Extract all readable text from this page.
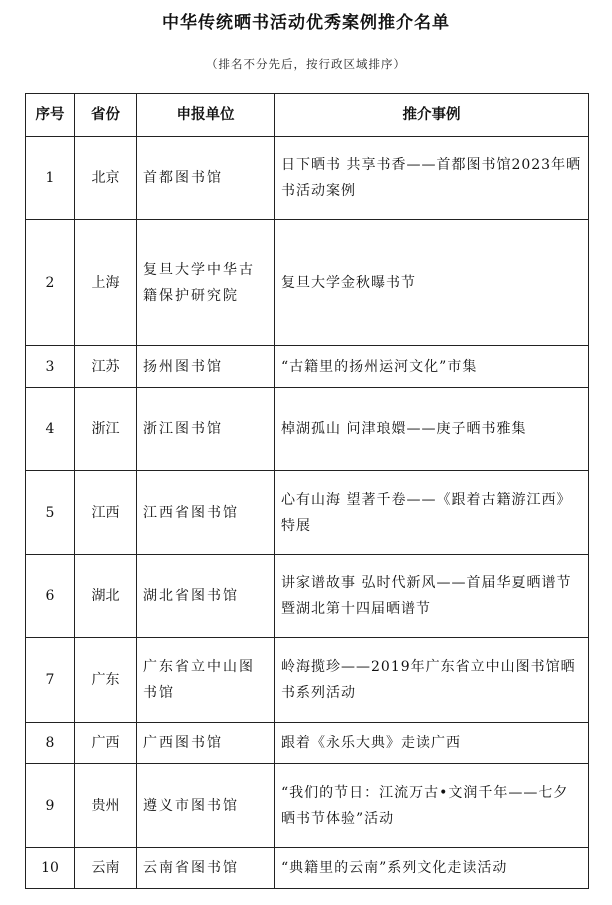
中华传统晒书活动优秀案例推介名单
（排名不分先后，按行政区域排序）
序号	省份	申报单位	推介事例
1	北京	首都图书馆	日下晒书 共享书香——首都图书馆2023年晒书活动案例
2	上海	复旦大学中华古籍保护研究院	复旦大学金秋曝书节
3	江苏	扬州图书馆	“古籍里的扬州运河文化”市集
4	浙江	浙江图书馆	棹湖孤山 问津琅嬛——庚子晒书雅集
5	江西	江西省图书馆	心有山海 望著千卷——《跟着古籍游江西》特展
6	湖北	湖北省图书馆	讲家谱故事 弘时代新风——首届华夏晒谱节暨湖北第十四届晒谱节
7	广东	广东省立中山图书馆	岭海揽珍——2019年广东省立中山图书馆晒书系列活动
8	广西	广西图书馆	跟着《永乐大典》走读广西
9	贵州	遵义市图书馆	“我们的节日：江流万古•文润千年——七夕晒书节体验”活动
10	云南	云南省图书馆	“典籍里的云南”系列文化走读活动
